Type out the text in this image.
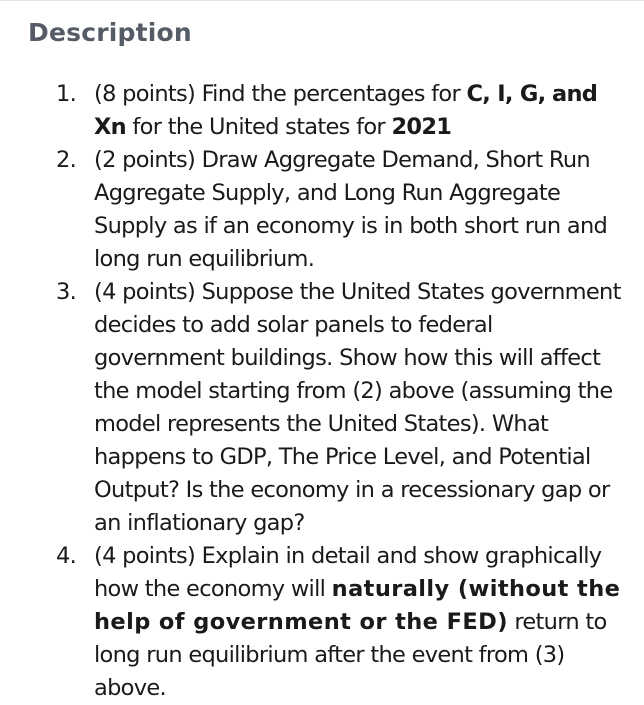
Description
1. (8 points) Find the percentages for C, I, G, and Xn for the United states for 2021
2. (2 points) Draw Aggregate Demand, Short Run Aggregate Supply, and Long Run Aggregate Supply as if an economy is in both short run and long run equilibrium.
3. (4 points) Suppose the United States government decides to add solar panels to federal government buildings. Show how this will affect the model starting from (2) above (assuming the model represents the United States). What happens to GDP, The Price Level, and Potential Output? Is the economy in a recessionary gap or an inflationary gap?
4. (4 points) Explain in detail and show graphically how the economy will naturally (without the help of government or the FED) return to long run equilibrium after the event from (3) above.
